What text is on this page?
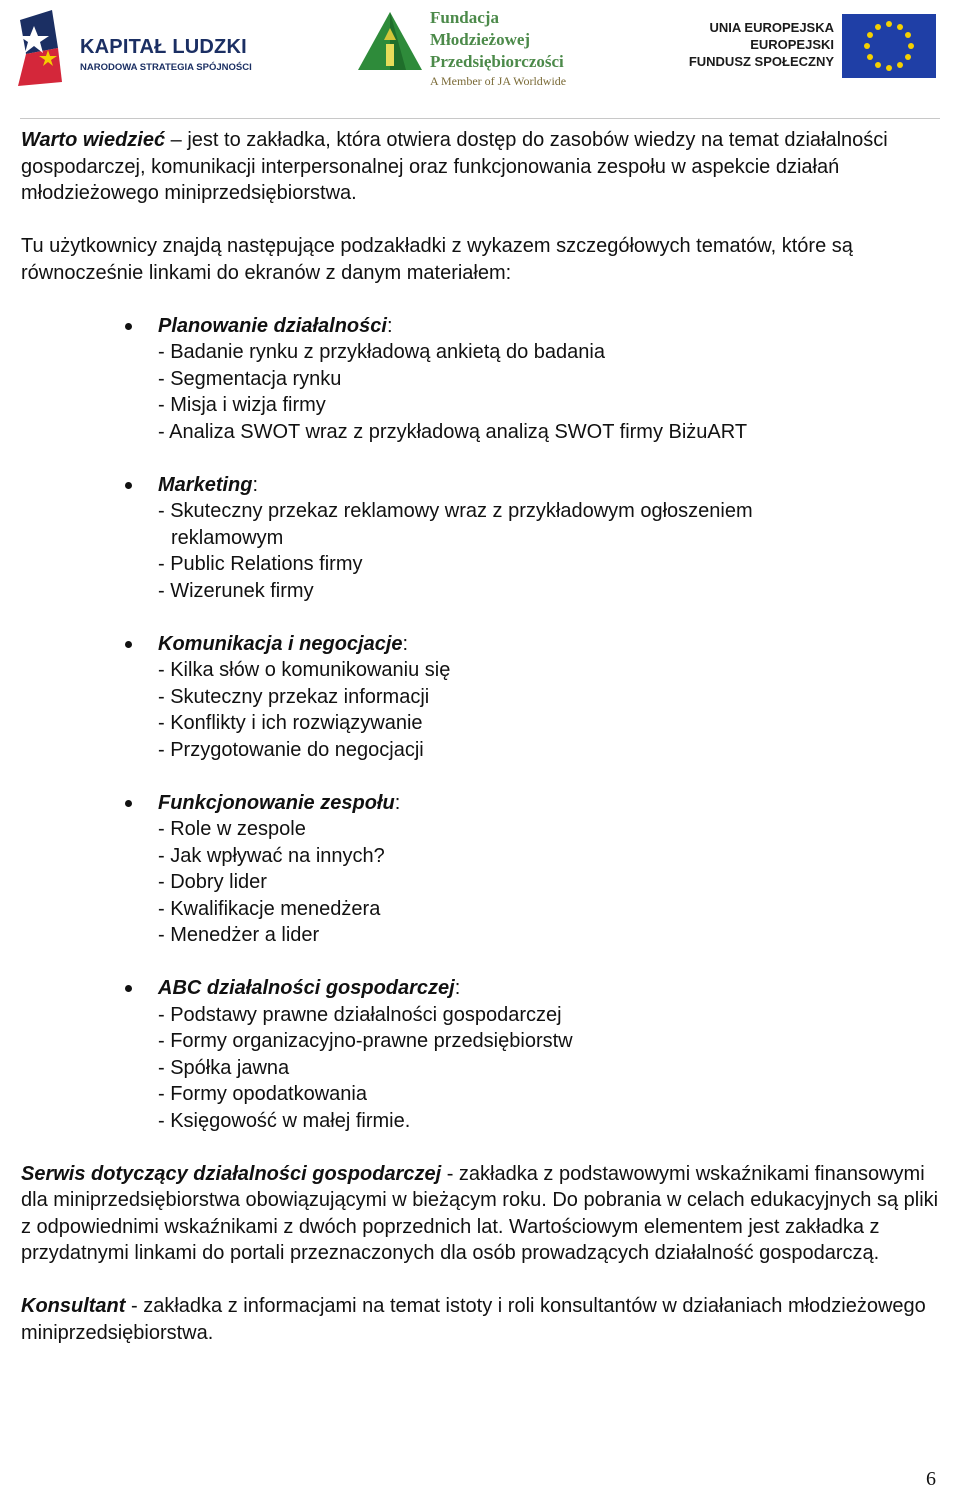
KAPITAŁ LUDZKI
NARODOWA STRATEGIA SPÓJNOŚCI
Fundacja
Młodzieżowej
Przedsiębiorczości
A Member of JA Worldwide
UNIA EUROPEJSKA
EUROPEJSKI
FUNDUSZ SPOŁECZNY

Warto wiedzieć – jest to zakładka, która otwiera dostęp do zasobów wiedzy na temat działalności gospodarczej, komunikacji interpersonalnej oraz funkcjonowania zespołu w aspekcie działań młodzieżowego miniprzedsiębiorstwa.

Tu użytkownicy znajdą następujące podzakładki z wykazem szczegółowych tematów, które są równocześnie linkami do ekranów z danym materiałem:

Planowanie działalności:
- Badanie rynku z przykładową ankietą do badania
- Segmentacja rynku
- Misja i wizja firmy
- Analiza SWOT wraz z przykładową analizą SWOT firmy BiżuART
Marketing:
- Skuteczny przekaz reklamowy wraz z przykładowym ogłoszeniem
reklamowym
- Public Relations firmy
- Wizerunek firmy
Komunikacja i negocjacje:
- Kilka słów o komunikowaniu się
- Skuteczny przekaz informacji
- Konflikty i ich rozwiązywanie
- Przygotowanie do negocjacji
Funkcjonowanie zespołu:
- Role w zespole
- Jak wpływać na innych?
- Dobry lider
- Kwalifikacje menedżera
- Menedżer a lider
ABC działalności gospodarczej:
- Podstawy prawne działalności gospodarczej
- Formy organizacyjno-prawne przedsiębiorstw
- Spółka jawna
- Formy opodatkowania
- Księgowość w małej firmie.

Serwis dotyczący działalności gospodarczej - zakładka z podstawowymi wskaźnikami finansowymi dla miniprzedsiębiorstwa obowiązującymi w bieżącym roku. Do pobrania w celach edukacyjnych są pliki z odpowiednimi wskaźnikami z dwóch poprzednich lat. Wartościowym elementem jest zakładka z przydatnymi linkami do portali przeznaczonych dla osób prowadzących działalność gospodarczą.

Konsultant - zakładka z informacjami na temat istoty i roli konsultantów w działaniach młodzieżowego miniprzedsiębiorstwa.

6
